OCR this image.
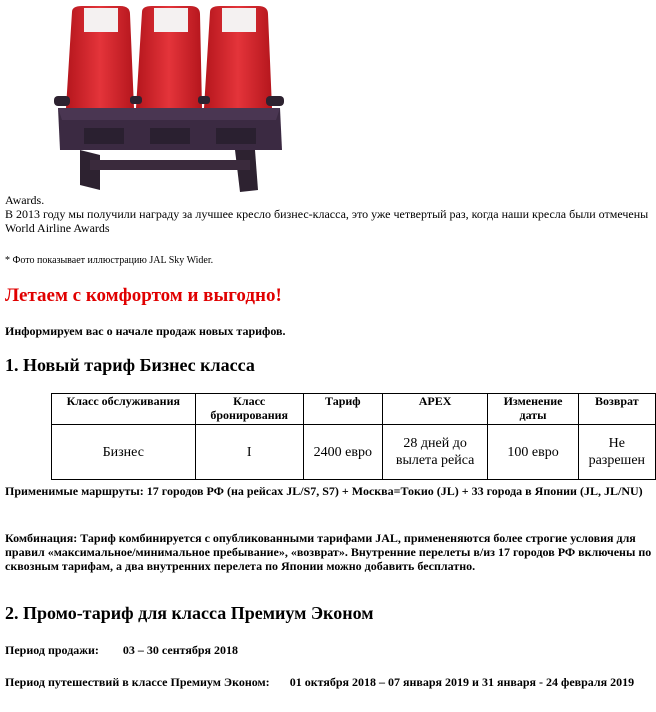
Awards.

В 2013 году мы получили награду за лучшее кресло бизнес-класса, это уже четвертый раз, когда наши кресла были отмечены World Airline Awards

* Фото показывает иллюстрацию JAL Sky Wider.

Летаем с комфортом и выгодно!

Информируем вас о начале продаж новых тарифов.

1. Новый тариф Бизнес класса

Класс обслуживания	Класс бронирования	Тариф	APEX	Изменение даты	Возврат
Бизнес	I	2400 евро	28 дней до вылета рейса	100 евро	Не разрешен

Применимые маршруты: 17 городов РФ (на рейсах JL/S7, S7) + Москва=Токио (JL) + 33 города в Японии (JL, JL/NU)

Комбинация: Тариф комбинируется с опубликованными тарифами JAL, примененяются более строгие условия для правил «максимальное/минимальное пребывание», «возврат». Внутренние перелеты в/из 17 городов РФ включены по сквозным тарифам, а два внутренних перелета по Японии можно добавить бесплатно.

2. Промо-тариф для класса Премиум Эконом

Период продажи: 03 – 30 сентября 2018

Период путешествий в классе Премиум Эконом: 01 октября 2018 – 07 января 2019 и 31 января - 24 февраля 2019
